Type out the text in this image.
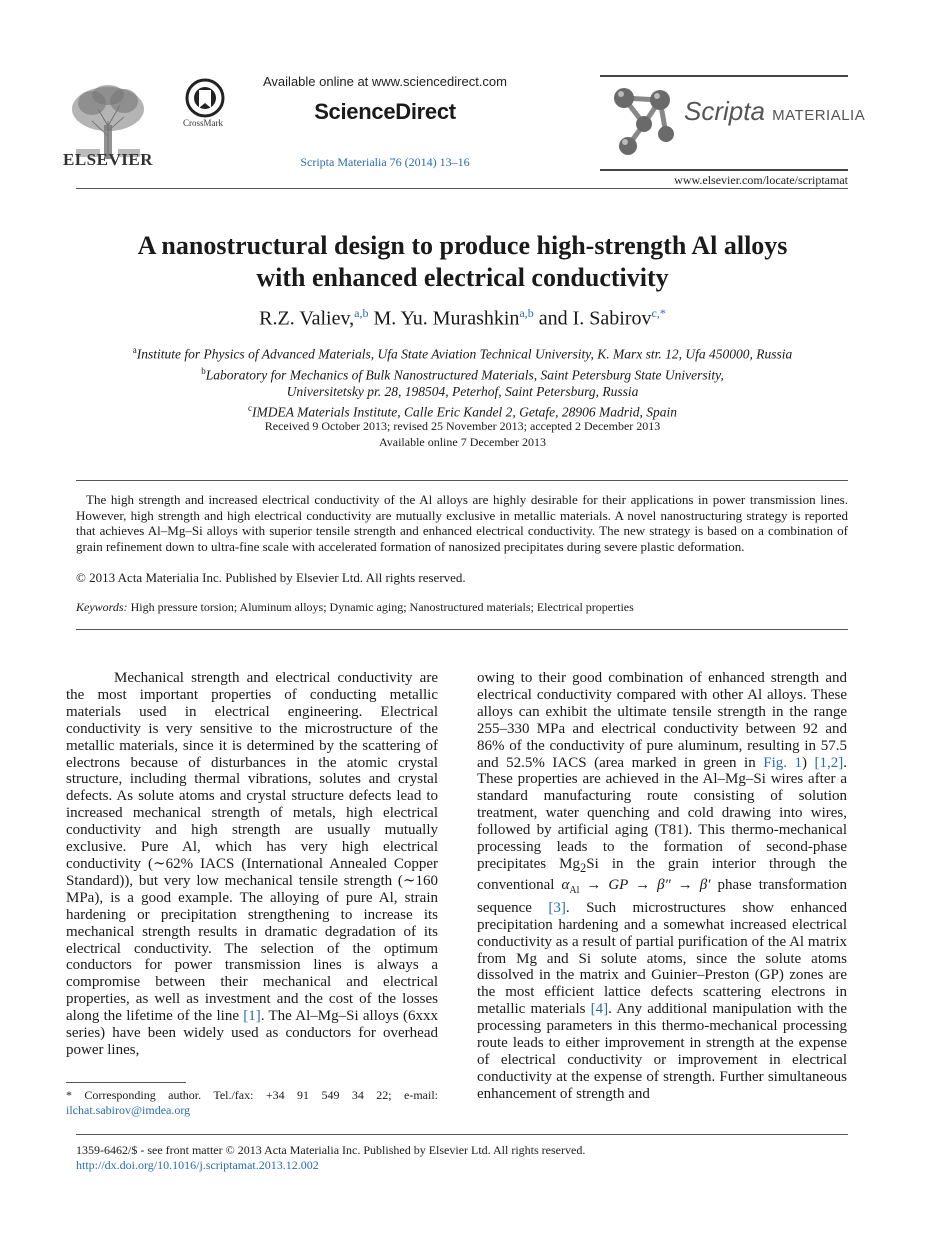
ELSEVIER
CrossMark
Available online at www.sciencedirect.com
ScienceDirect
Scripta Materialia 76 (2014) 13–16
Scripta MATERIALIA
www.elsevier.com/locate/scriptamat
A nanostructural design to produce high-strength Al alloys
with enhanced electrical conductivity
R.Z. Valiev,$^{a,b}$ M. Yu. Murashkin$^{a,b}$ and I. Sabirov$^{c,*}$
$^a$Institute for Physics of Advanced Materials, Ufa State Aviation Technical University, K. Marx str. 12, Ufa 450000, Russia
$^b$Laboratory for Mechanics of Bulk Nanostructured Materials, Saint Petersburg State University,
Universitetsky pr. 28, 198504, Peterhof, Saint Petersburg, Russia
$^c$IMDEA Materials Institute, Calle Eric Kandel 2, Getafe, 28906 Madrid, Spain
Received 9 October 2013; revised 25 November 2013; accepted 2 December 2013
Available online 7 December 2013
The high strength and increased electrical conductivity of the Al alloys are highly desirable for their applications in power transmission lines. However, high strength and high electrical conductivity are mutually exclusive in metallic materials. A novel nanostructuring strategy is reported that achieves Al–Mg–Si alloys with superior tensile strength and enhanced electrical conductivity. The new strategy is based on a combination of grain refinement down to ultra-fine scale with accelerated formation of nanosized precipitates during severe plastic deformation.
© 2013 Acta Materialia Inc. Published by Elsevier Ltd. All rights reserved.
Keywords: High pressure torsion; Aluminum alloys; Dynamic aging; Nanostructured materials; Electrical properties
Mechanical strength and electrical conductivity are the most important properties of conducting metallic materials used in electrical engineering. Electrical conductivity is very sensitive to the microstructure of the metallic materials, since it is determined by the scattering of electrons because of disturbances in the atomic crystal structure, including thermal vibrations, solutes and crystal defects. As solute atoms and crystal structure defects lead to increased mechanical strength of metals, high electrical conductivity and high strength are usually mutually exclusive. Pure Al, which has very high electrical conductivity (∼62% IACS (International Annealed Copper Standard)), but very low mechanical tensile strength (∼160 MPa), is a good example. The alloying of pure Al, strain hardening or precipitation strengthening to increase its mechanical strength results in dramatic degradation of its electrical conductivity. The selection of the optimum conductors for power transmission lines is always a compromise between their mechanical and electrical properties, as well as investment and the cost of the losses along the lifetime of the line [1]. The Al–Mg–Si alloys (6xxx series) have been widely used as conductors for overhead power lines,
owing to their good combination of enhanced strength and electrical conductivity compared with other Al alloys. These alloys can exhibit the ultimate tensile strength in the range 255–330 MPa and electrical conductivity between 92 and 86% of the conductivity of pure aluminum, resulting in 57.5 and 52.5% IACS (area marked in green in Fig. 1) [1,2]. These properties are achieved in the Al–Mg–Si wires after a standard manufacturing route consisting of solution treatment, water quenching and cold drawing into wires, followed by artificial aging (T81). This thermo-mechanical processing leads to the formation of second-phase precipitates $Mg_2Si$ in the grain interior through the conventional $\alpha_{Al}$ → GP → β″ → β′ phase transformation sequence [3]. Such microstructures show enhanced precipitation hardening and a somewhat increased electrical conductivity as a result of partial purification of the Al matrix from Mg and Si solute atoms, since the solute atoms dissolved in the matrix and Guinier–Preston (GP) zones are the most efficient lattice defects scattering electrons in metallic materials [4]. Any additional manipulation with the processing parameters in this thermo-mechanical processing route leads to either improvement in strength at the expense of electrical conductivity or improvement in electrical conductivity at the expense of strength. Further simultaneous enhancement of strength and
* Corresponding author. Tel./fax: +34 91 549 34 22; e-mail: ilchat.sabirov@imdea.org
1359-6462/$ - see front matter © 2013 Acta Materialia Inc. Published by Elsevier Ltd. All rights reserved.
http://dx.doi.org/10.1016/j.scriptamat.2013.12.002
